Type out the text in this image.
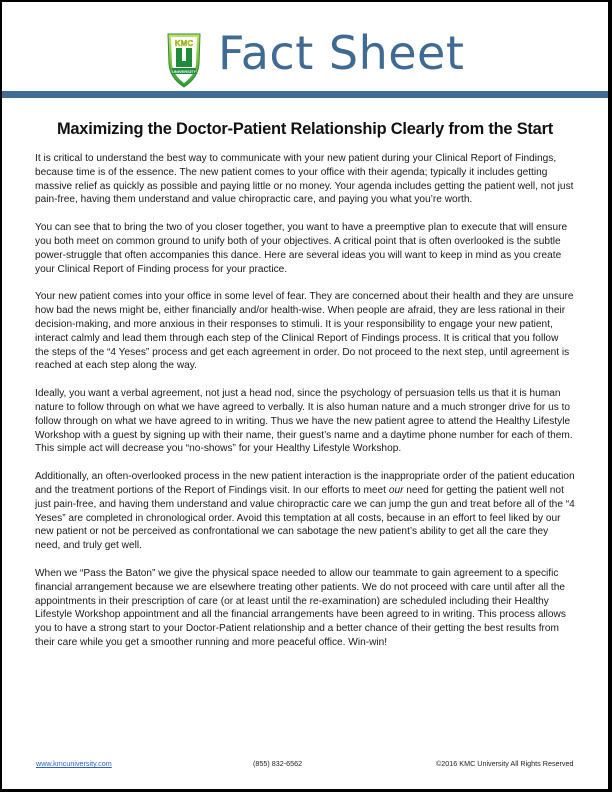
KMC
UNIVERSITY Fact Sheet
Maximizing the Doctor-Patient Relationship Clearly from the Start

It is critical to understand the best way to communicate with your new patient during your Clinical Report of Findings, because time is of the essence. The new patient comes to your office with their agenda; typically it includes getting massive relief as quickly as possible and paying little or no money. Your agenda includes getting the patient well, not just pain-free, having them understand and value chiropractic care, and paying you what you’re worth.

You can see that to bring the two of you closer together, you want to have a preemptive plan to execute that will ensure you both meet on common ground to unify both of your objectives. A critical point that is often overlooked is the subtle power-struggle that often accompanies this dance. Here are several ideas you will want to keep in mind as you create your Clinical Report of Finding process for your practice.

Your new patient comes into your office in some level of fear. They are concerned about their health and they are unsure how bad the news might be, either financially and/or health-wise. When people are afraid, they are less rational in their decision-making, and more anxious in their responses to stimuli. It is your responsibility to engage your new patient, interact calmly and lead them through each step of the Clinical Report of Findings process. It is critical that you follow the steps of the “4 Yeses” process and get each agreement in order. Do not proceed to the next step, until agreement is reached at each step along the way.

Ideally, you want a verbal agreement, not just a head nod, since the psychology of persuasion tells us that it is human nature to follow through on what we have agreed to verbally. It is also human nature and a much stronger drive for us to follow through on what we have agreed to in writing. Thus we have the new patient agree to attend the Healthy Lifestyle Workshop with a guest by signing up with their name, their guest’s name and a daytime phone number for each of them. This simple act will decrease you “no-shows” for your Healthy Lifestyle Workshop.

Additionally, an often-overlooked process in the new patient interaction is the inappropriate order of the patient education and the treatment portions of the Report of Findings visit. In our efforts to meet our need for getting the patient well not just pain-free, and having them understand and value chiropractic care we can jump the gun and treat before all of the “4 Yeses” are completed in chronological order. Avoid this temptation at all costs, because in an effort to feel liked by our new patient or not be perceived as confrontational we can sabotage the new patient’s ability to get all the care they need, and truly get well.

When we “Pass the Baton” we give the physical space needed to allow our teammate to gain agreement to a specific financial arrangement because we are elsewhere treating other patients. We do not proceed with care until after all the appointments in their prescription of care (or at least until the re-examination) are scheduled including their Healthy Lifestyle Workshop appointment and all the financial arrangements have been agreed to in writing. This process allows you to have a strong start to your Doctor-Patient relationship and a better chance of their getting the best results from their care while you get a smoother running and more peaceful office. Win-win!

www.kmcuniversity.com	(855) 832-6562	©2016 KMC University All Rights Reserved
